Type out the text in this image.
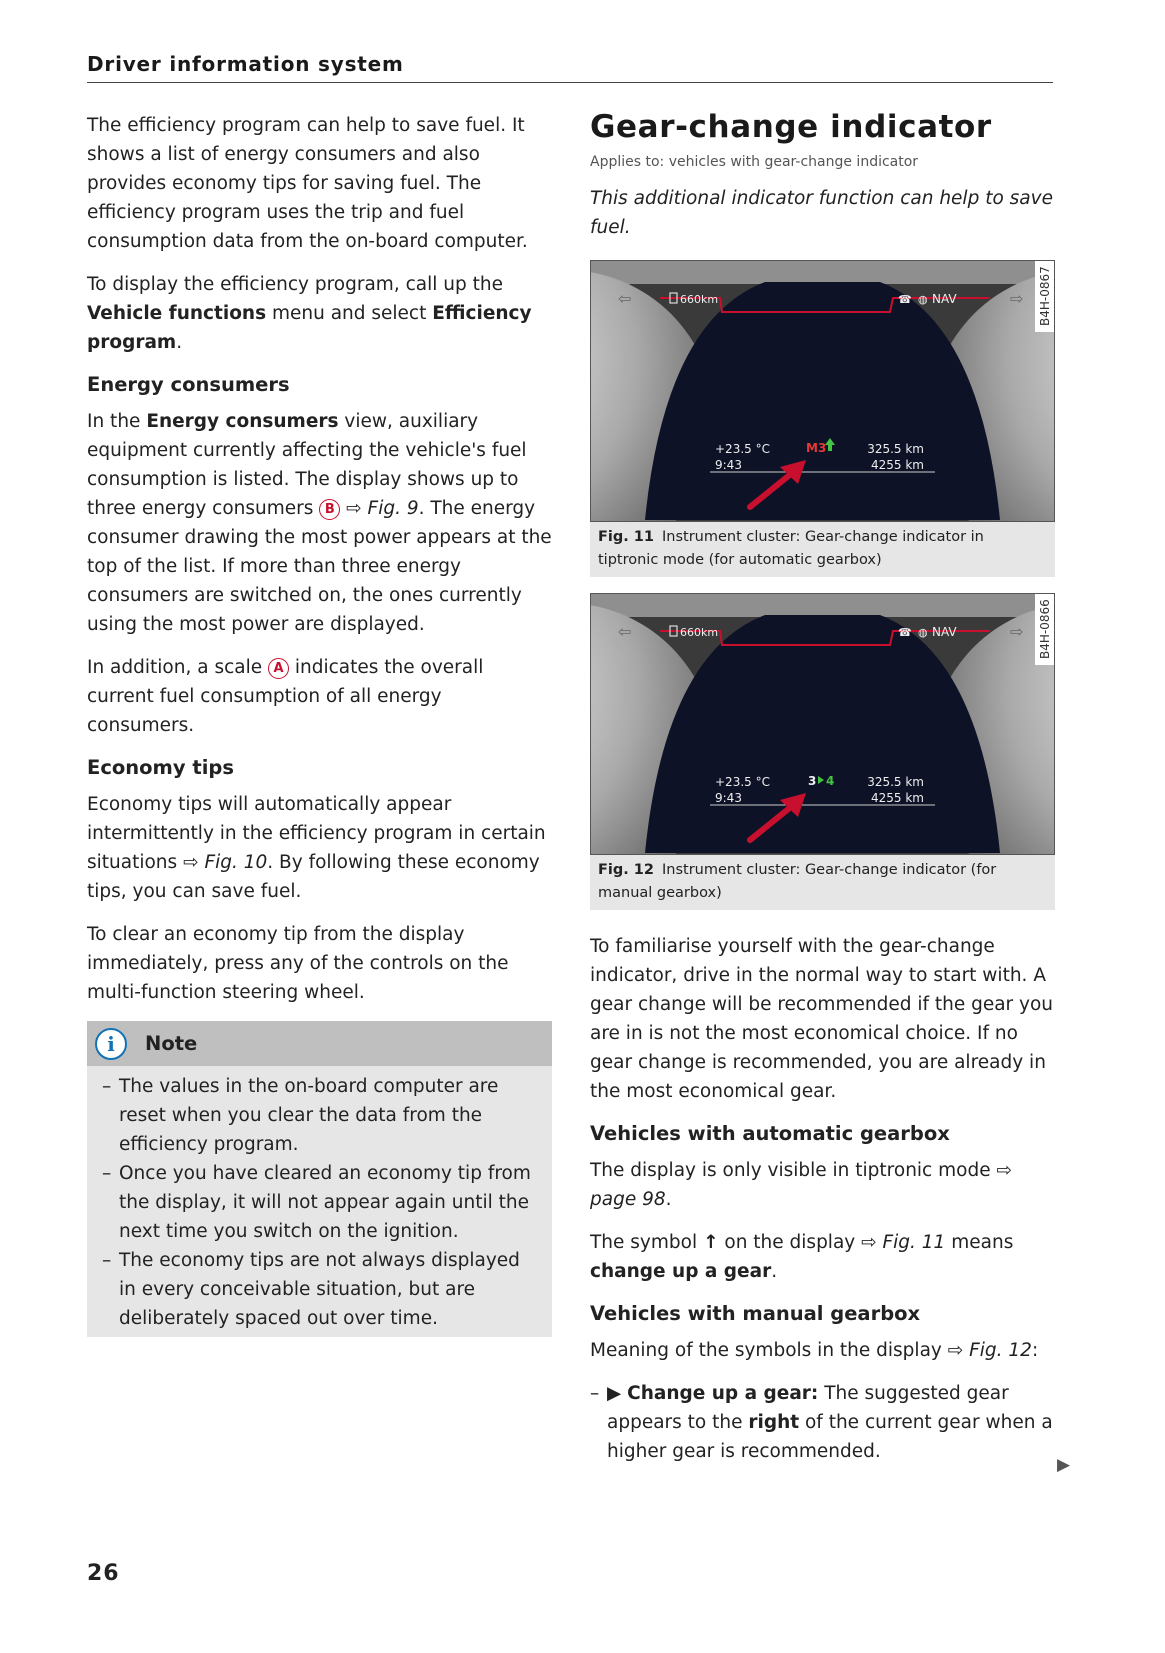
Driver information system

The efficiency program can help to save fuel. It shows a list of energy consumers and also provides economy tips for saving fuel. The efficiency program uses the trip and fuel consumption data from the on-board computer.

To display the efficiency program, call up the Vehicle functions menu and select Efficiency program.

Energy consumers

In the Energy consumers view, auxiliary equipment currently affecting the vehicle's fuel consumption is listed. The display shows up to three energy consumers B ⇨ Fig. 9. The energy consumer drawing the most power appears at the top of the list. If more than three energy consumers are switched on, the ones currently using the most power are displayed.

In addition, a scale A indicates the overall current fuel consumption of all energy consumers.

Economy tips

Economy tips will automatically appear intermittently in the efficiency program in certain situations ⇨ Fig. 10. By following these economy tips, you can save fuel.

To clear an economy tip from the display immediately, press any of the controls on the multi-function steering wheel.

i	Note
– The values in the on-board computer are reset when you clear the data from the efficiency program.
– Once you have cleared an economy tip from the display, it will not appear again until the next time you switch on the ignition.
– The economy tips are not always displayed in every conceivable situation, but are deliberately spaced out over time.
Gear-change indicator
Applies to: vehicles with gear-change indicator
This additional indicator function can help to save fuel.
⇦	⇨
660km	☎ ◍ NAV
+23.5 °C
9:43
M3	325.5 km
4255 km
B4H-0867
Fig. 11 Instrument cluster: Gear-change indicator in tiptronic mode (for automatic gearbox)
⇦	⇨
660km	☎ ◍ NAV
+23.5 °C
9:43
3 4	325.5 km
4255 km
B4H-0866
Fig. 12 Instrument cluster: Gear-change indicator (for manual gearbox)

To familiarise yourself with the gear-change indicator, drive in the normal way to start with. A gear change will be recommended if the gear you are in is not the most economical choice. If no gear change is recommended, you are already in the most economical gear.

Vehicles with automatic gearbox

The display is only visible in tiptronic mode ⇨ page 98.

The symbol ↑ on the display ⇨ Fig. 11 means change up a gear.

Vehicles with manual gearbox

Meaning of the symbols in the display ⇨ Fig. 12:

– ▶ Change up a gear: The suggested gear appears to the right of the current gear when a higher gear is recommended.
▶
26
